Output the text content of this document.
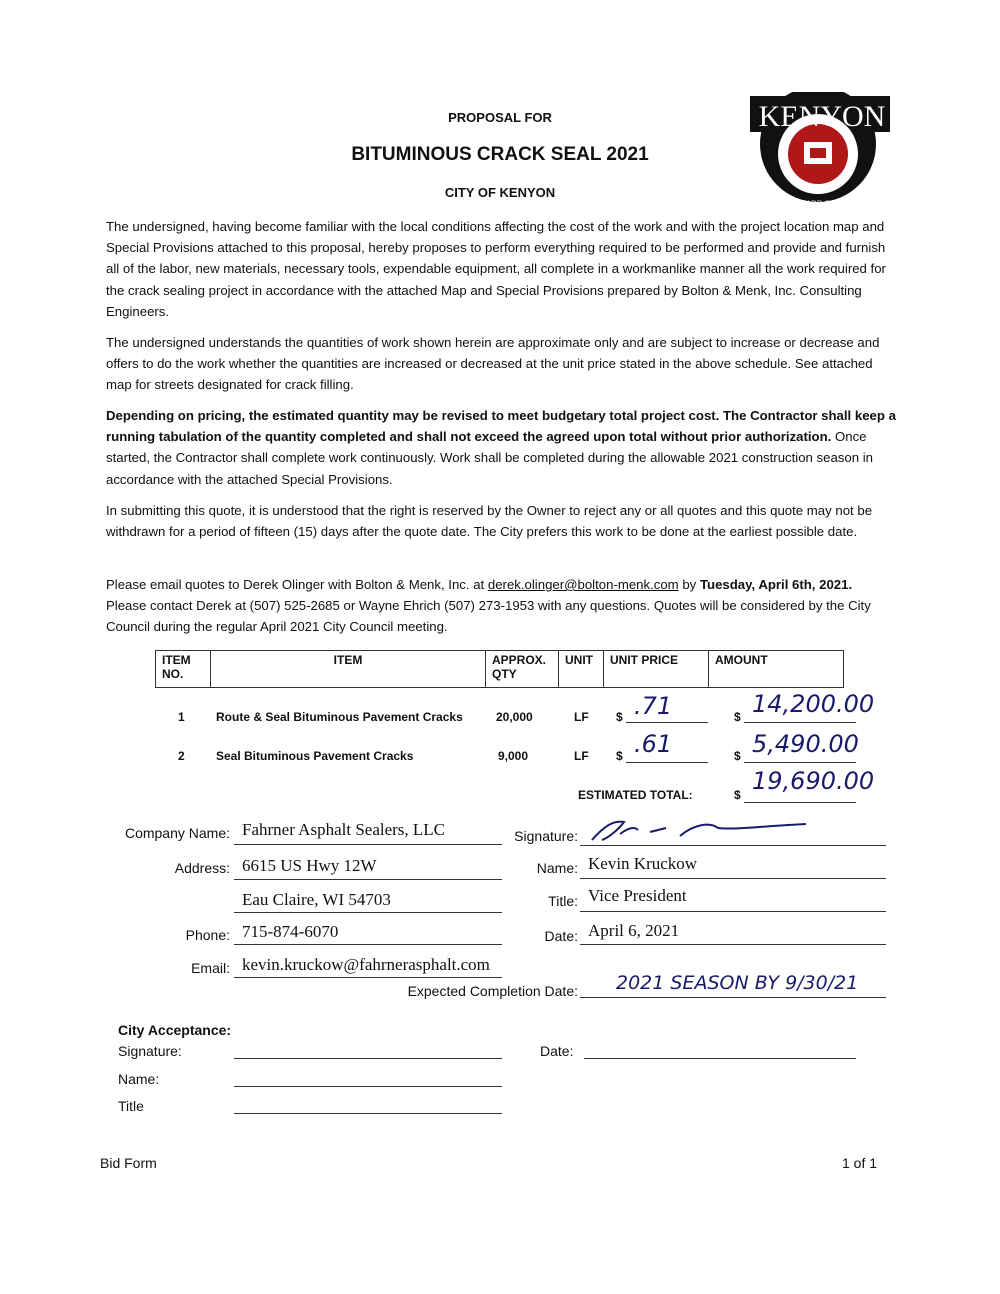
PROPOSAL FOR
BITUMINOUS CRACK SEAL 2021
CITY OF KENYON
KENYON
BOULEVARD OF ROSES
The undersigned, having become familiar with the local conditions affecting the cost of the work and with the project location map and Special Provisions attached to this proposal, hereby proposes to perform everything required to be performed and provide and furnish all of the labor, new materials, necessary tools, expendable equipment, all complete in a workmanlike manner all the work required for the crack sealing project in accordance with the attached Map and Special Provisions prepared by Bolton & Menk, Inc. Consulting Engineers.
The undersigned understands the quantities of work shown herein are approximate only and are subject to increase or decrease and offers to do the work whether the quantities are increased or decreased at the unit price stated in the above schedule. See attached map for streets designated for crack filling.
Depending on pricing, the estimated quantity may be revised to meet budgetary total project cost. The Contractor shall keep a running tabulation of the quantity completed and shall not exceed the agreed upon total without prior authorization. Once started, the Contractor shall complete work continuously. Work shall be completed during the allowable 2021 construction season in accordance with the attached Special Provisions.
In submitting this quote, it is understood that the right is reserved by the Owner to reject any or all quotes and this quote may not be withdrawn for a period of fifteen (15) days after the quote date. The City prefers this work to be done at the earliest possible date.
Please email quotes to Derek Olinger with Bolton & Menk, Inc. at derek.olinger@bolton-menk.com by Tuesday, April 6th, 2021. Please contact Derek at (507) 525-2685 or Wayne Ehrich (507) 273-1953 with any questions. Quotes will be considered by the City Council during the regular April 2021 City Council meeting.
ITEM NO.	ITEM	APPROX. QTY	UNIT	UNIT PRICE	AMOUNT
1	Route & Seal Bituminous Pavement Cracks	20,000	LF $ .71	$ 14,200.00
2	Seal Bituminous Pavement Cracks	9,000	LF $ .61	$ 5,490.00
ESTIMATED TOTAL:	$ 19,690.00
Company Name: Fahrner Asphalt Sealers, LLC
Address: 6615 US Hwy 12W
Eau Claire, WI 54703
Phone: 715-874-6070
Email: kevin.kruckow@fahrnerasphalt.com
Signature:
Name: Kevin Kruckow
Title: Vice President
Date: April 6, 2021
Expected Completion Date: 2021 SEASON BY 9/30/21
City Acceptance:
Signature:	Date:
Name:
Title
Bid Form	1 of 1
